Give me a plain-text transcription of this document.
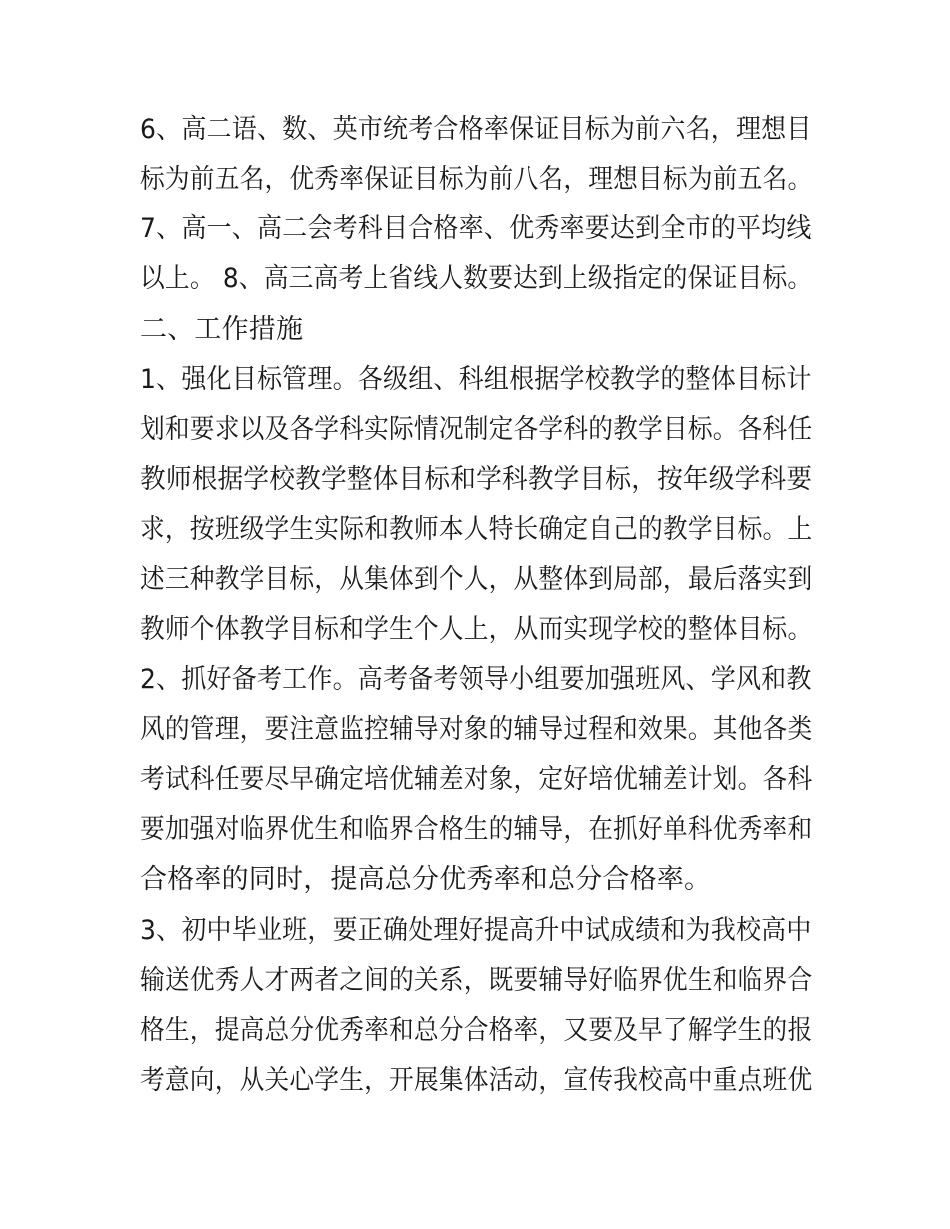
6、高二语、数、英市统考合格率保证目标为前六名，理想目
标为前五名，优秀率保证目标为前八名，理想目标为前五名。
7、高一、高二会考科目合格率、优秀率要达到全市的平均线
以上。 8、高三高考上省线人数要达到上级指定的保证目标。
二、工作措施
1、强化目标管理。各级组、科组根据学校教学的整体目标计
划和要求以及各学科实际情况制定各学科的教学目标。各科任
教师根据学校教学整体目标和学科教学目标，按年级学科要
求，按班级学生实际和教师本人特长确定自己的教学目标。上
述三种教学目标，从集体到个人，从整体到局部，最后落实到
教师个体教学目标和学生个人上，从而实现学校的整体目标。
2、抓好备考工作。高考备考领导小组要加强班风、学风和教
风的管理，要注意监控辅导对象的辅导过程和效果。其他各类
考试科任要尽早确定培优辅差对象，定好培优辅差计划。各科
要加强对临界优生和临界合格生的辅导，在抓好单科优秀率和
合格率的同时，提高总分优秀率和总分合格率。
3、初中毕业班，要正确处理好提高升中试成绩和为我校高中
输送优秀人才两者之间的关系，既要辅导好临界优生和临界合
格生，提高总分优秀率和总分合格率，又要及早了解学生的报
考意向，从关心学生，开展集体活动，宣传我校高中重点班优
